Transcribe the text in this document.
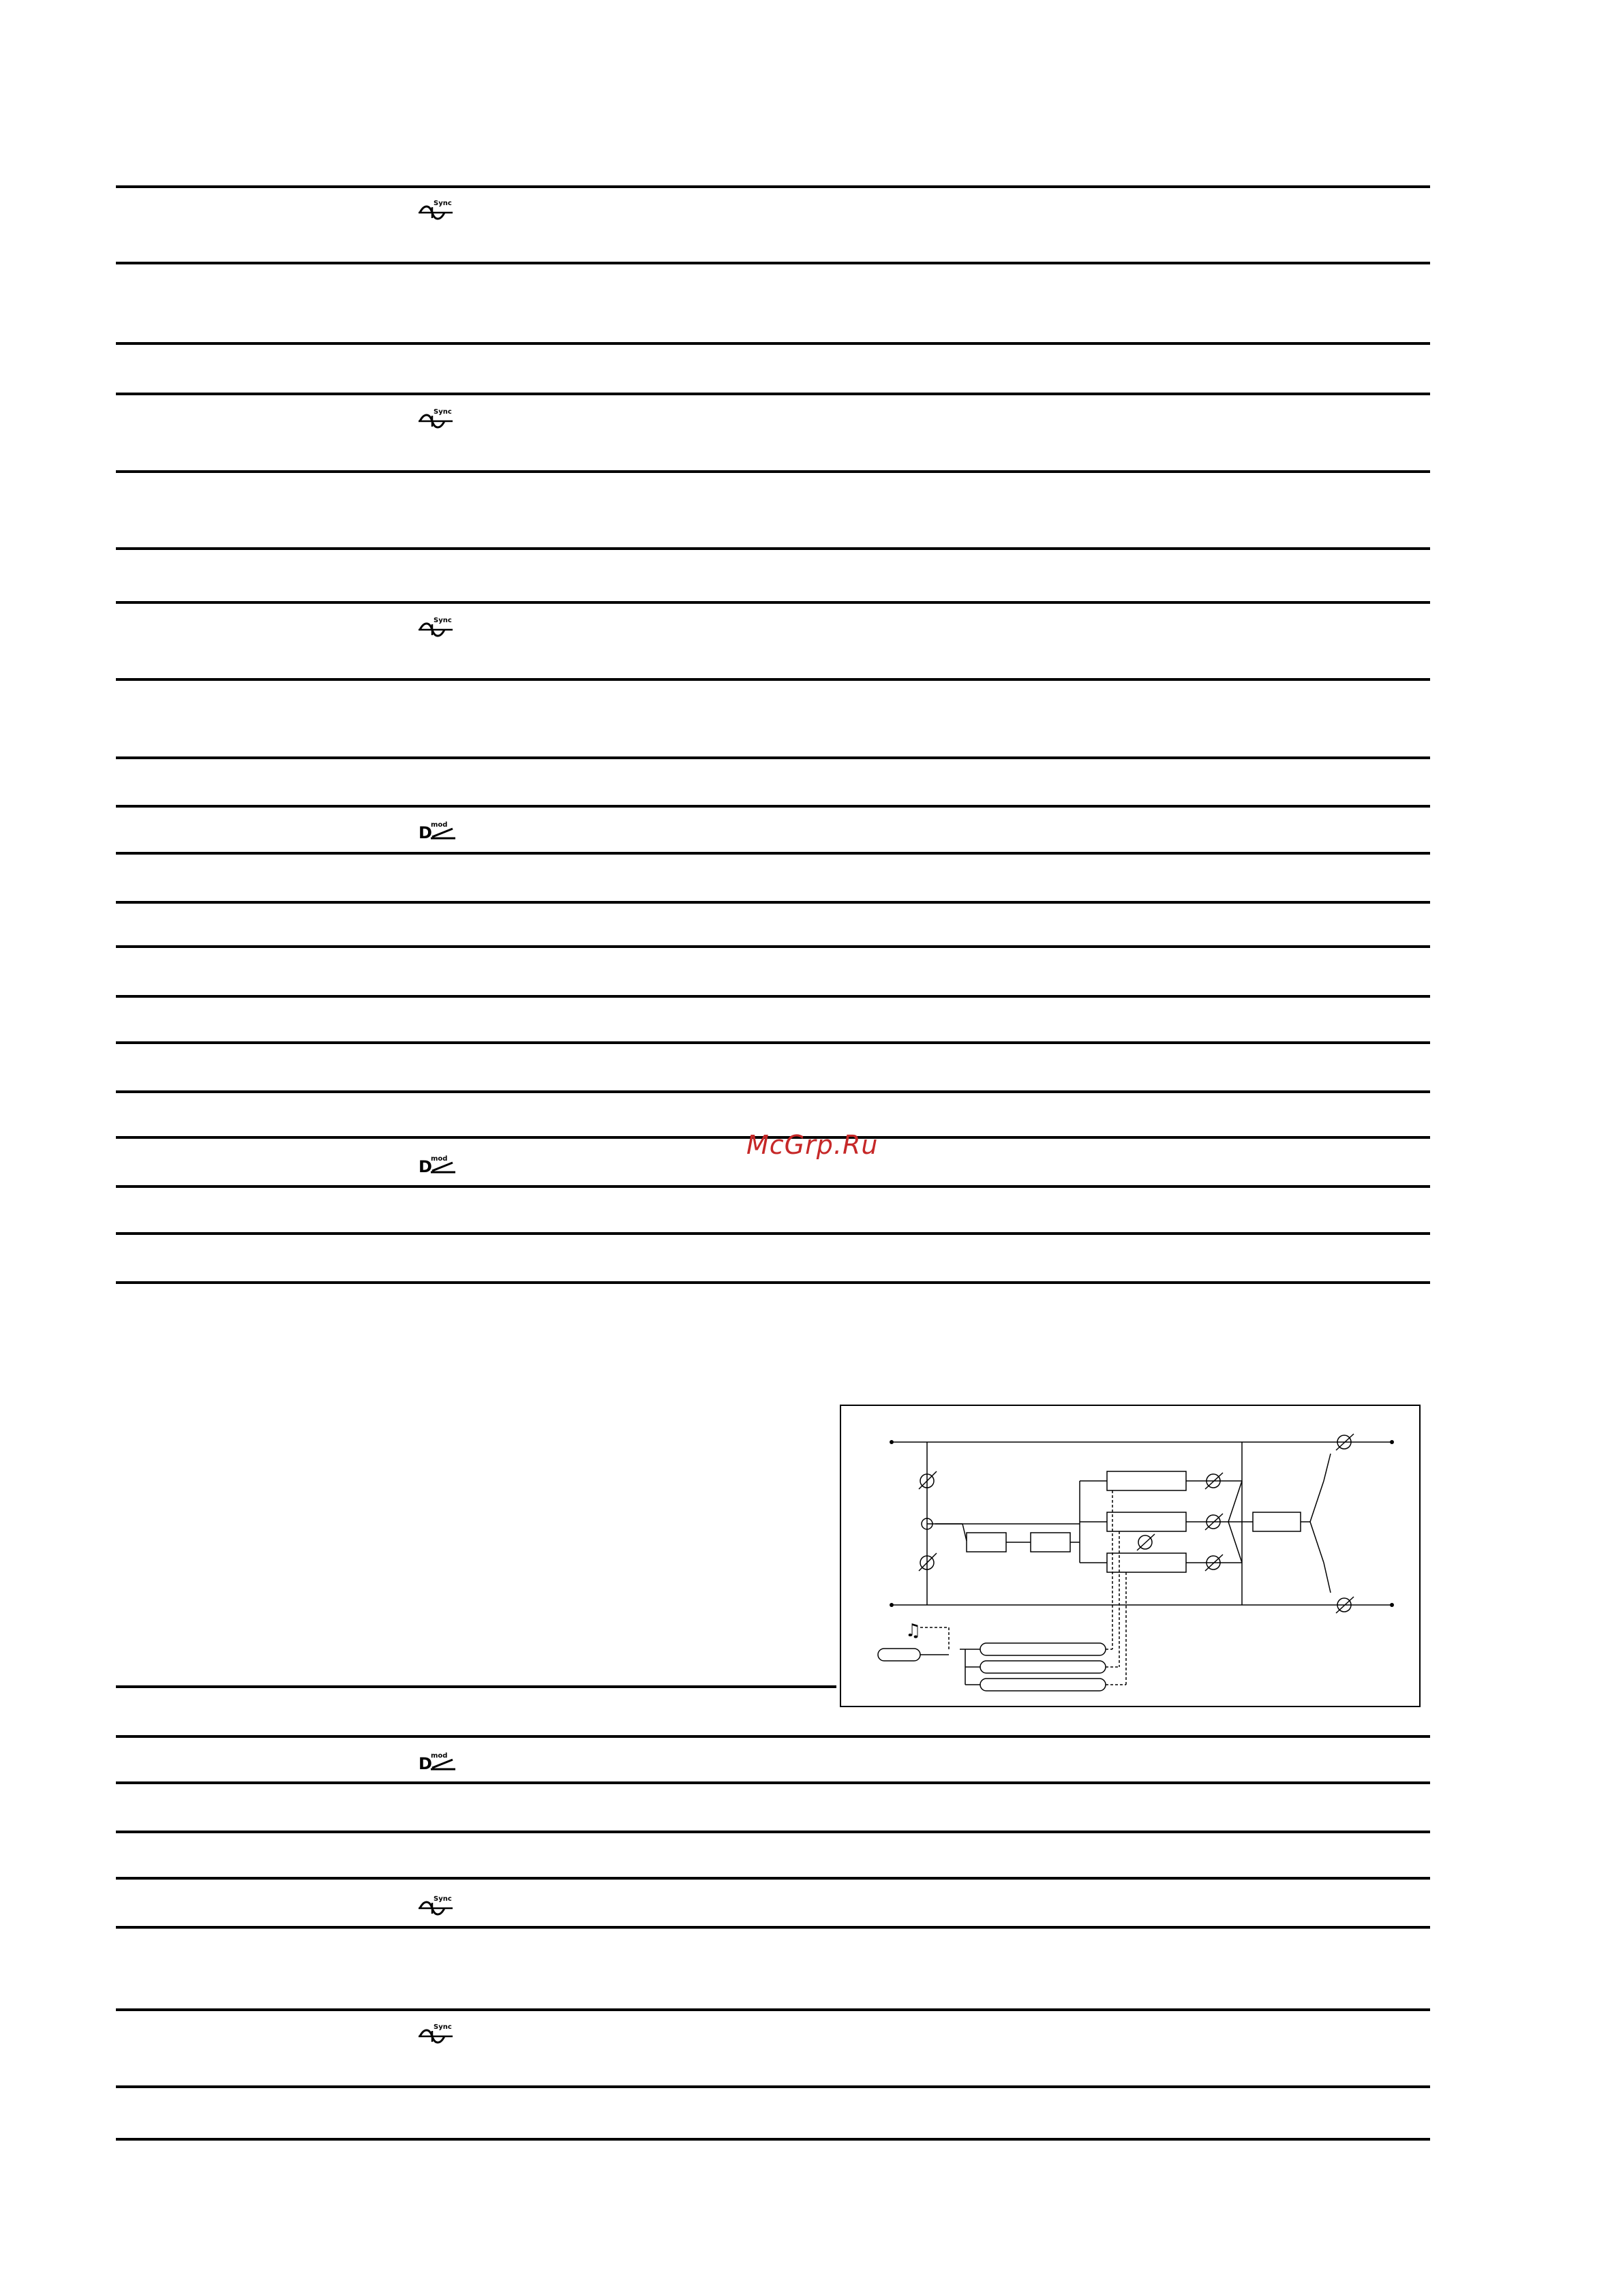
Sync
Sync
Sync
Sync
Sync
D
mod
D
mod
D
mod
McGrp.Ru
♫
